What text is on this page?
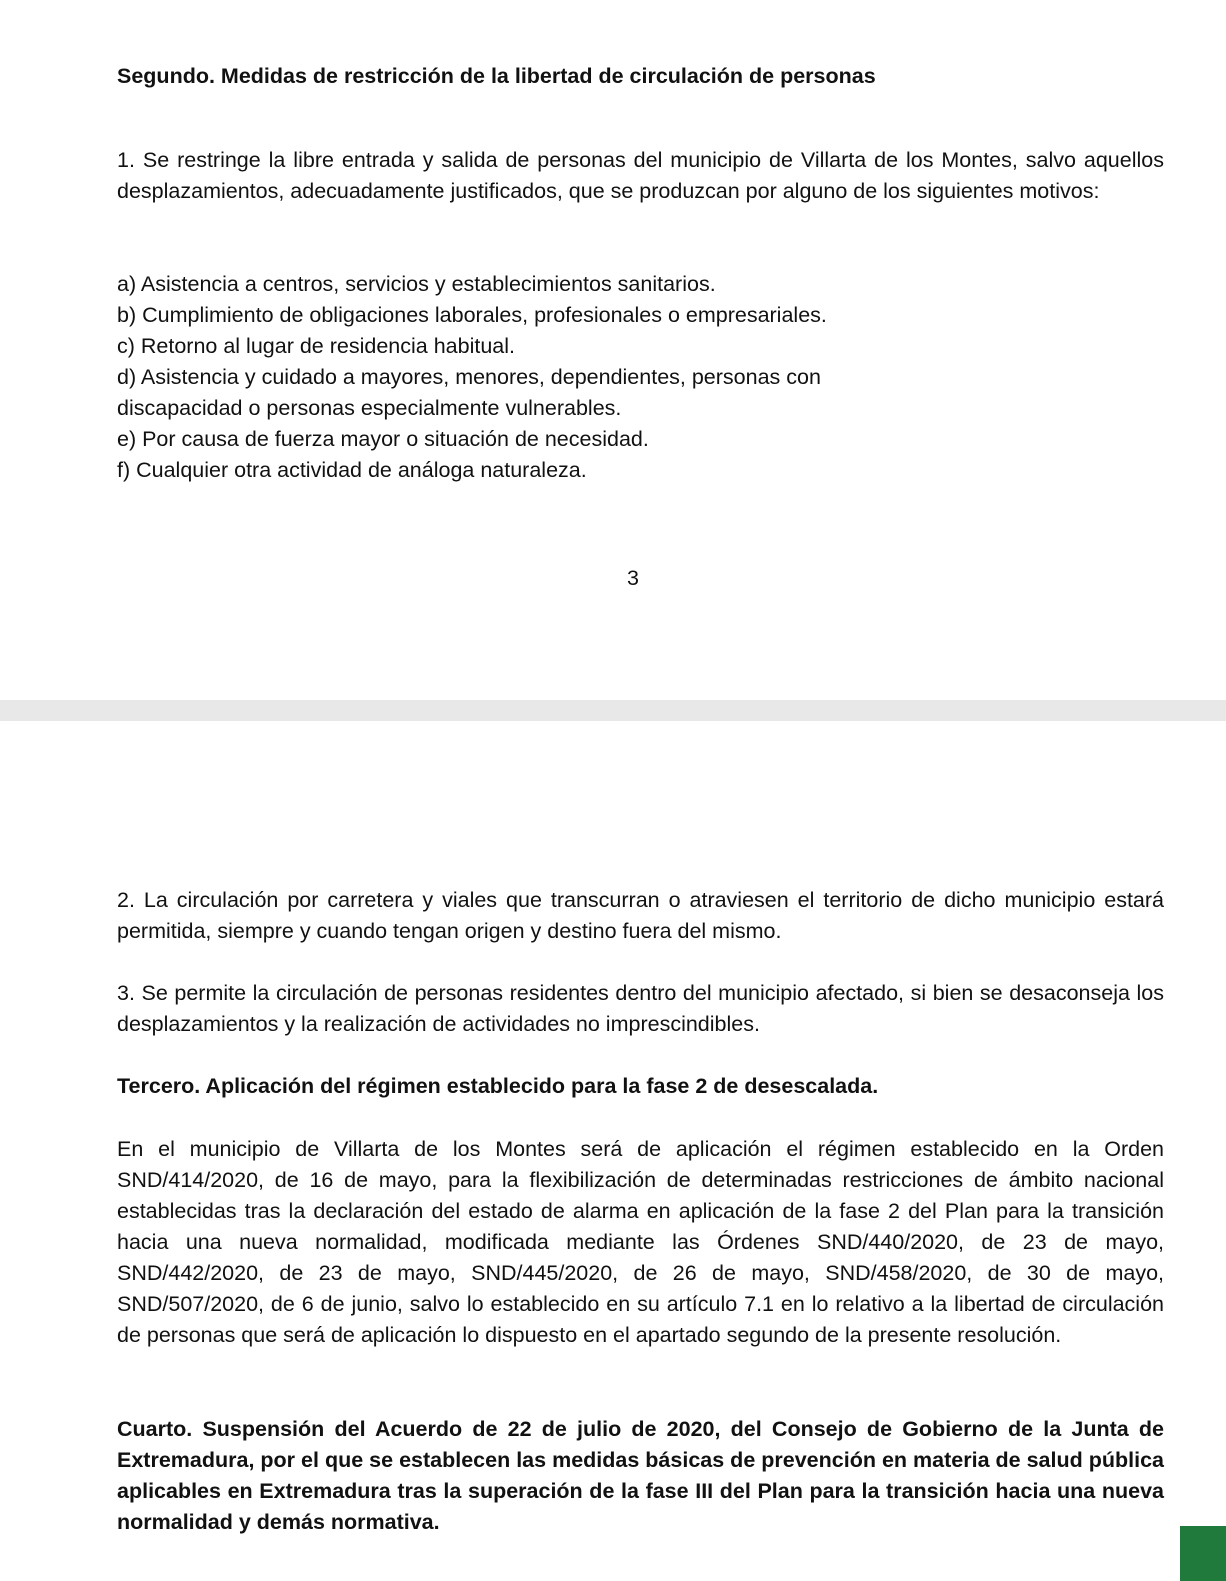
Segundo. Medidas de restricción de la libertad de circulación de personas

1. Se restringe la libre entrada y salida de personas del municipio de Villarta de los Montes, salvo aquellos desplazamientos, adecuadamente justificados, que se produzcan por alguno de los siguientes motivos:

a) Asistencia a centros, servicios y establecimientos sanitarios.

b) Cumplimiento de obligaciones laborales, profesionales o empresariales.

c) Retorno al lugar de residencia habitual.

d) Asistencia y cuidado a mayores, menores, dependientes, personas con

discapacidad o personas especialmente vulnerables.

e) Por causa de fuerza mayor o situación de necesidad.

f) Cualquier otra actividad de análoga naturaleza.

3

2. La circulación por carretera y viales que transcurran o atraviesen el territorio de dicho municipio estará permitida, siempre y cuando tengan origen y destino fuera del mismo.

3. Se permite la circulación de personas residentes dentro del municipio afectado, si bien se desaconseja los desplazamientos y la realización de actividades no imprescindibles.

Tercero. Aplicación del régimen establecido para la fase 2 de desescalada.

En el municipio de Villarta de los Montes será de aplicación el régimen establecido en la Orden SND/414/2020, de 16 de mayo, para la flexibilización de determinadas restricciones de ámbito nacional establecidas tras la declaración del estado de alarma en aplicación de la fase 2 del Plan para la transición hacia una nueva normalidad, modificada mediante las Órdenes SND/440/2020, de 23 de mayo, SND/442/2020, de 23 de mayo, SND/445/2020, de 26 de mayo, SND/458/2020, de 30 de mayo, SND/507/2020, de 6 de junio, salvo lo establecido en su artículo 7.1 en lo relativo a la libertad de circulación de personas que será de aplicación lo dispuesto en el apartado segundo de la presente resolución.

Cuarto. Suspensión del Acuerdo de 22 de julio de 2020, del Consejo de Gobierno de la Junta de Extremadura, por el que se establecen las medidas básicas de prevención en materia de salud pública aplicables en Extremadura tras la superación de la fase III del Plan para la transición hacia una nueva normalidad y demás normativa.
